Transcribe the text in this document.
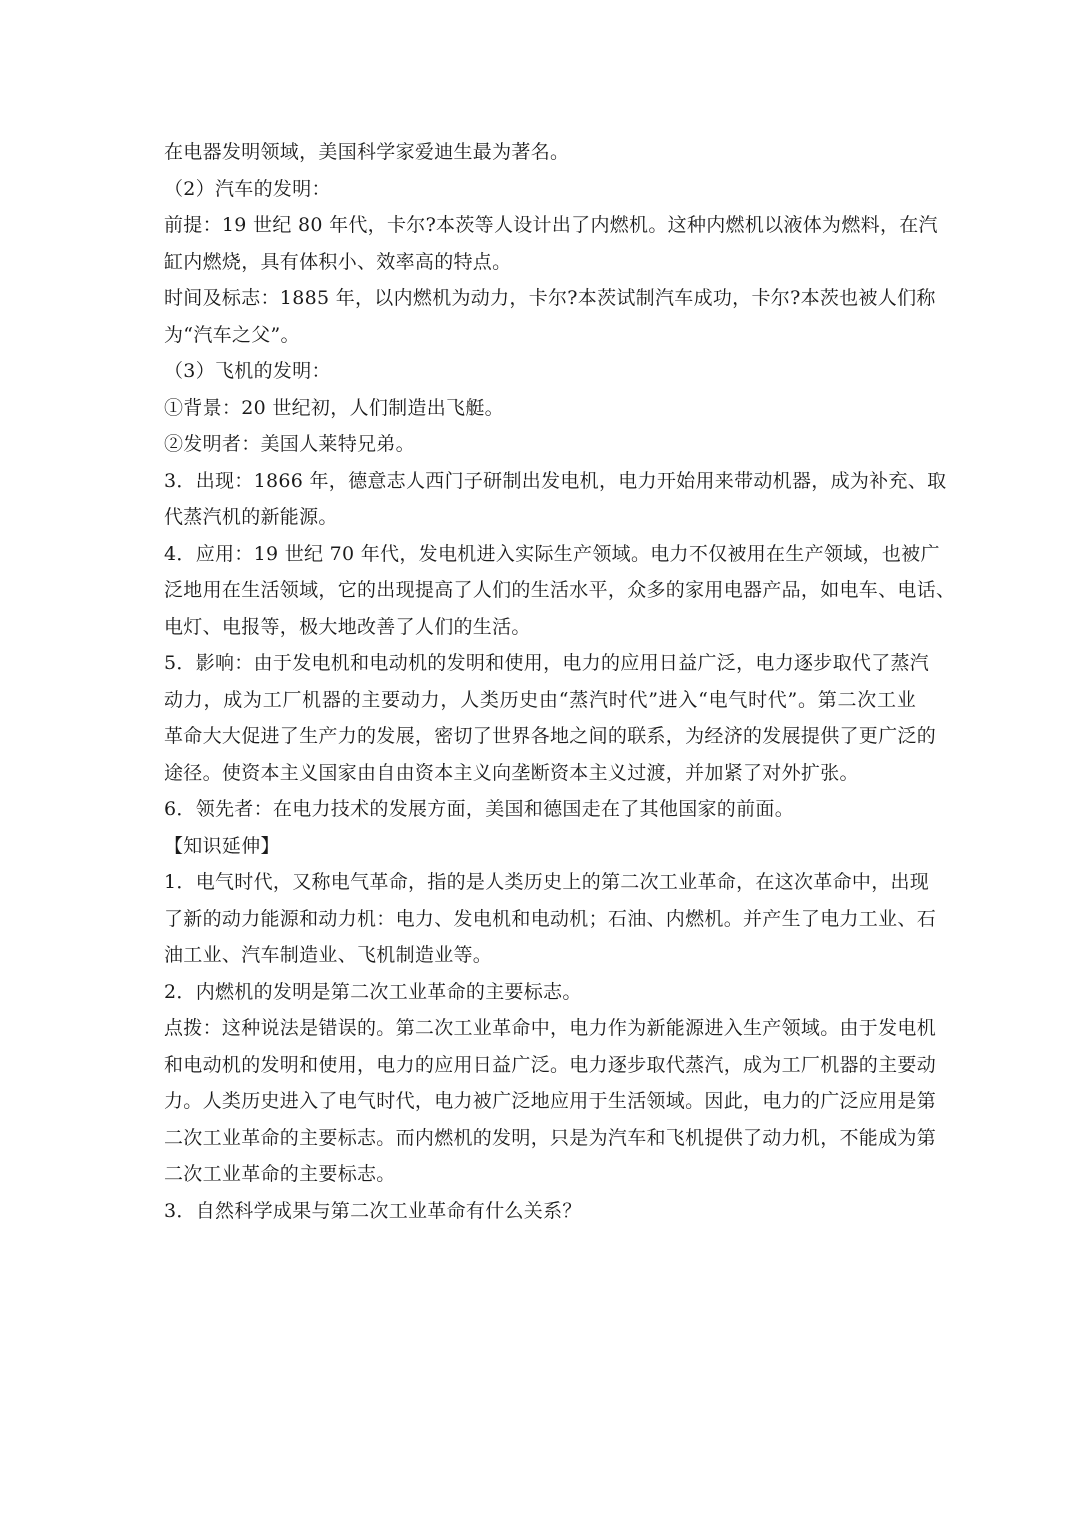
在电器发明领域，美国科学家爱迪生最为著名。
（2）汽车的发明：
前提：19 世纪 80 年代，卡尔?本茨等人设计出了内燃机。这种内燃机以液体为燃料，在汽
缸内燃烧，具有体积小、效率高的特点。
时间及标志：1885 年，以内燃机为动力，卡尔?本茨试制汽车成功，卡尔?本茨也被人们称
为“汽车之父”。
（3）飞机的发明：
①背景：20 世纪初，人们制造出飞艇。
②发明者：美国人莱特兄弟。
3．出现：1866 年，德意志人西门子研制出发电机，电力开始用来带动机器，成为补充、取
代蒸汽机的新能源。
4．应用：19 世纪 70 年代，发电机进入实际生产领域。电力不仅被用在生产领域，也被广
泛地用在生活领域，它的出现提高了人们的生活水平，众多的家用电器产品，如电车、电话、
电灯、电报等，极大地改善了人们的生活。
5．影响：由于发电机和电动机的发明和使用，电力的应用日益广泛，电力逐步取代了蒸汽
动力，成为工厂机器的主要动力，人类历史由“蒸汽时代”进入“电气时代”。第二次工业
革命大大促进了生产力的发展，密切了世界各地之间的联系，为经济的发展提供了更广泛的
途径。使资本主义国家由自由资本主义向垄断资本主义过渡，并加紧了对外扩张。
6．领先者：在电力技术的发展方面，美国和德国走在了其他国家的前面。
【知识延伸】
1．电气时代，又称电气革命，指的是人类历史上的第二次工业革命，在这次革命中，出现
了新的动力能源和动力机：电力、发电机和电动机；石油、内燃机。并产生了电力工业、石
油工业、汽车制造业、飞机制造业等。
2．内燃机的发明是第二次工业革命的主要标志。
点拨：这种说法是错误的。第二次工业革命中，电力作为新能源进入生产领域。由于发电机
和电动机的发明和使用，电力的应用日益广泛。电力逐步取代蒸汽，成为工厂机器的主要动
力。人类历史进入了电气时代，电力被广泛地应用于生活领域。因此，电力的广泛应用是第
二次工业革命的主要标志。而内燃机的发明，只是为汽车和飞机提供了动力机，不能成为第
二次工业革命的主要标志。
3．自然科学成果与第二次工业革命有什么关系？
